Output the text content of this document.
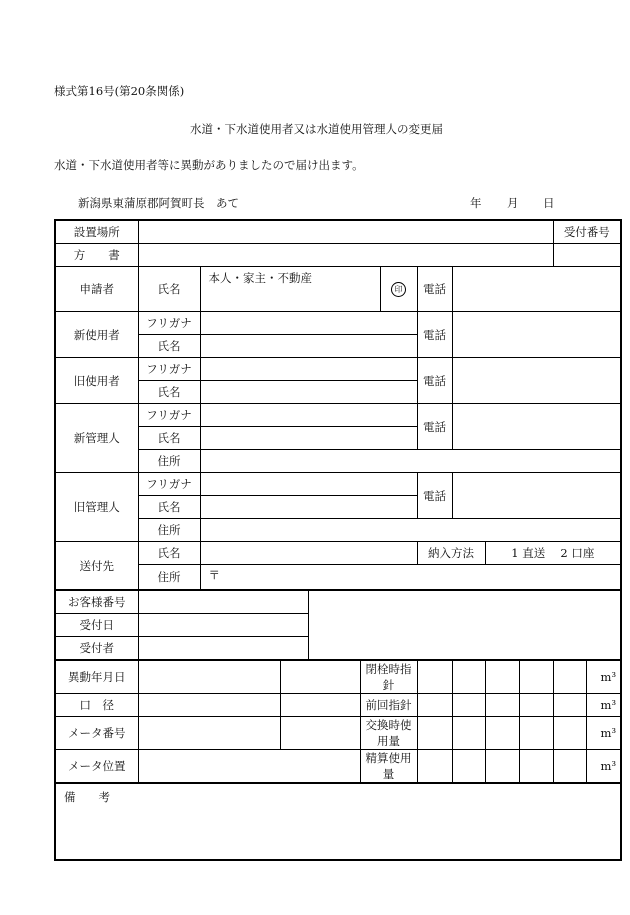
様式第16号(第20条関係)
水道・下水道使用者又は水道使用管理人の変更届
水道・下水道使用者等に異動がありましたので届け出ます。
新潟県東蒲原郡阿賀町長　あて	年 月 日
設置場所											受付番号	
方　　書												
申請者	氏名	本人・家主・不動産				印	電話					
新使用者	フリガナ						電話					
	氏名											
旧使用者	フリガナ						電話					
	氏名											
新管理人	フリガナ						電話					
	氏名											
	住所											
旧管理人	フリガナ						電話					
	氏名											
	住所											
送付先	氏名						納入方法		1 直送　 2 口座			
	住所	〒										
お客様番号												
受付日												
受付者												
異動年月日					閉栓時指針							m³
口　径					前回指針							m³
メータ番号					交換時使用量							m³
メータ位置					精算使用量							m³
備　　考												
